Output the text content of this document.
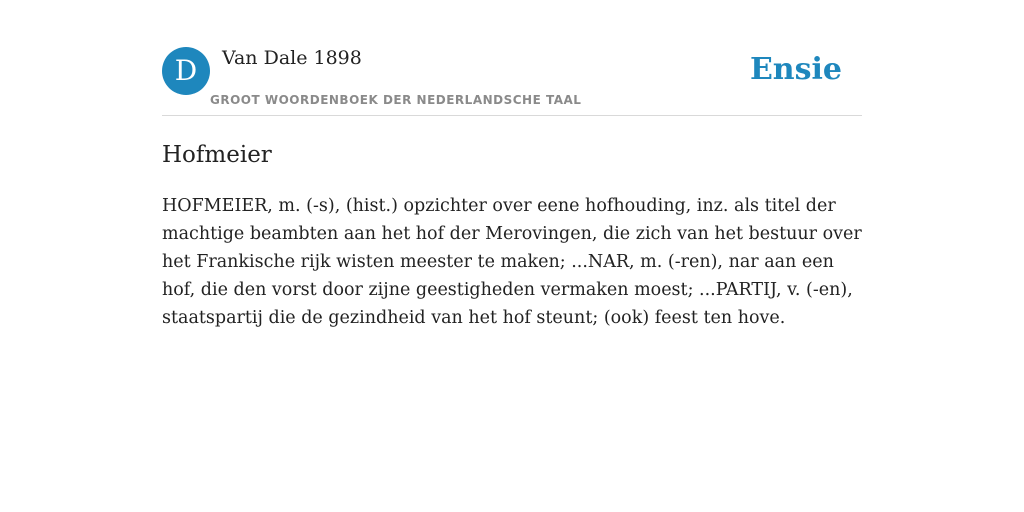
D	Van Dale 1898
GROOT WOORDENBOEK DER NEDERLANDSCHE TAAL
Ensie
Hofmeier

HOFMEIER, m. (-s), (hist.) opzichter over eene hofhouding, inz. als titel der machtige beambten aan het hof der Merovingen, die zich van het bestuur over het Frankische rijk wisten meester te maken; ...NAR, m. (-ren), nar aan een hof, die den vorst door zijne geestigheden vermaken moest; ...PARTIJ, v. (-en), staatspartij die de gezindheid van het hof steunt; (ook) feest ten hove.
